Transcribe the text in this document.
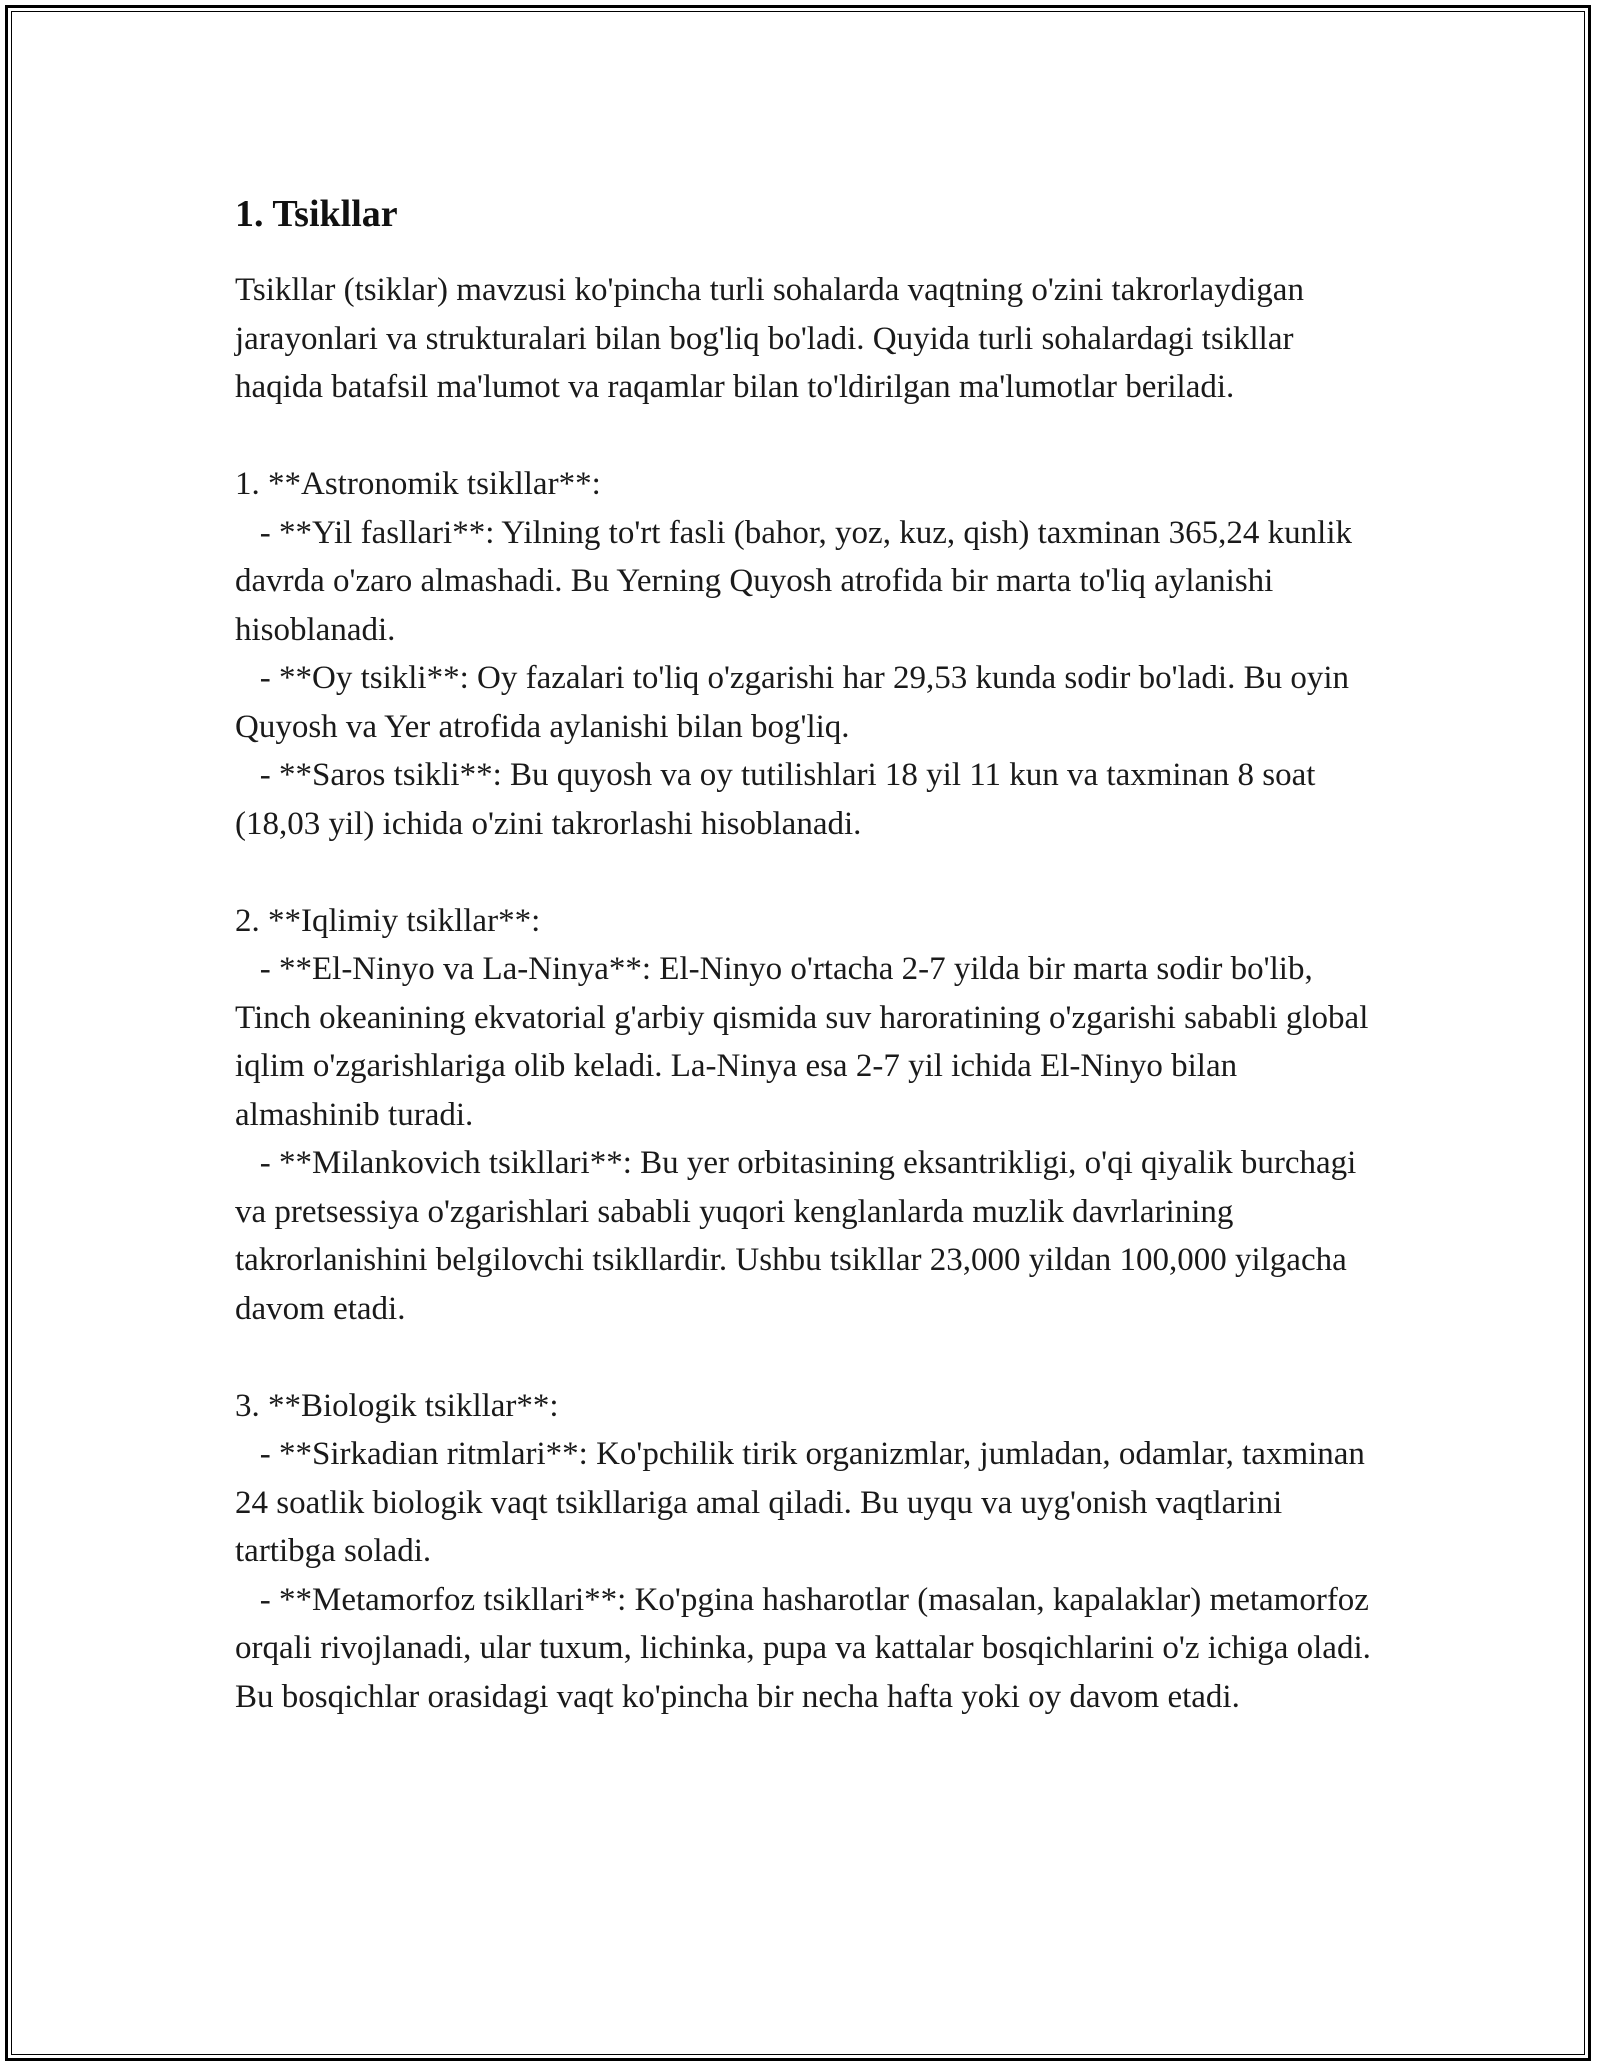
1. Tsikllar

Tsikllar (tsiklar) mavzusi ko'pincha turli sohalarda vaqtning o'zini takrorlaydigan jarayonlari va strukturalari bilan bog'liq bo'ladi. Quyida turli sohalardagi tsikllar haqida batafsil ma'lumot va raqamlar bilan to'ldirilgan ma'lumotlar beriladi.

1. **Astronomik tsikllar**:

- **Yil fasllari**: Yilning to'rt fasli (bahor, yoz, kuz, qish) taxminan 365,24 kunlik davrda o'zaro almashadi. Bu Yerning Quyosh atrofida bir marta to'liq aylanishi hisoblanadi.

- **Oy tsikli**: Oy fazalari to'liq o'zgarishi har 29,53 kunda sodir bo'ladi. Bu oyin Quyosh va Yer atrofida aylanishi bilan bog'liq.

- **Saros tsikli**: Bu quyosh va oy tutilishlari 18 yil 11 kun va taxminan 8 soat (18,03 yil) ichida o'zini takrorlashi hisoblanadi.

2. **Iqlimiy tsikllar**:

- **El-Ninyo va La-Ninya**: El-Ninyo o'rtacha 2-7 yilda bir marta sodir bo'lib, Tinch okeanining ekvatorial g'arbiy qismida suv haroratining o'zgarishi sababli global iqlim o'zgarishlariga olib keladi. La-Ninya esa 2-7 yil ichida El-Ninyo bilan almashinib turadi.

- **Milankovich tsikllari**: Bu yer orbitasining eksantrikligi, o'qi qiyalik burchagi va pretsessiya o'zgarishlari sababli yuqori kenglanlarda muzlik davrlarining takrorlanishini belgilovchi tsikllardir. Ushbu tsikllar 23,000 yildan 100,000 yilgacha davom etadi.

3. **Biologik tsikllar**:

- **Sirkadian ritmlari**: Ko'pchilik tirik organizmlar, jumladan, odamlar, taxminan 24 soatlik biologik vaqt tsikllariga amal qiladi. Bu uyqu va uyg'onish vaqtlarini tartibga soladi.

- **Metamorfoz tsikllari**: Ko'pgina hasharotlar (masalan, kapalaklar) metamorfoz orqali rivojlanadi, ular tuxum, lichinka, pupa va kattalar bosqichlarini o'z ichiga oladi. Bu bosqichlar orasidagi vaqt ko'pincha bir necha hafta yoki oy davom etadi.
